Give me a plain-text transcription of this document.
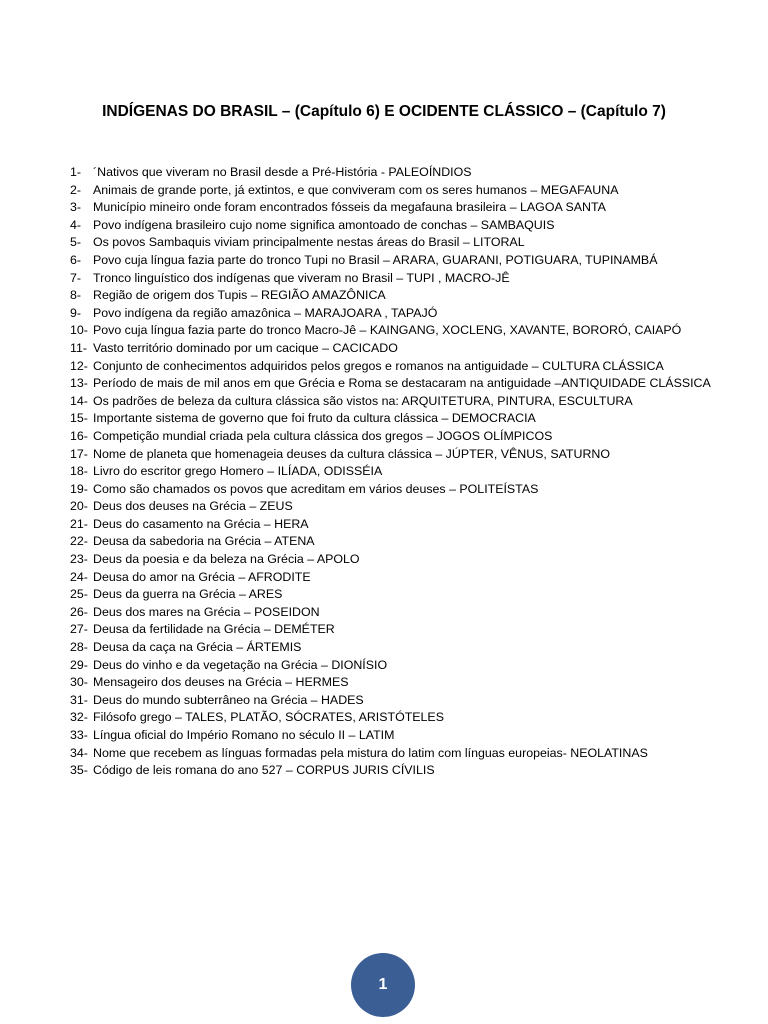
INDÍGENAS DO BRASIL – (Capítulo 6) E OCIDENTE CLÁSSICO – (Capítulo 7)
1- ´Nativos que viveram no Brasil desde a Pré-História - PALEOÍNDIOS
2- Animais de grande porte, já extintos, e que conviveram com os seres humanos – MEGAFAUNA
3- Município mineiro onde foram encontrados fósseis da megafauna brasileira – LAGOA SANTA
4- Povo indígena brasileiro cujo nome significa amontoado de conchas – SAMBAQUIS
5- Os povos Sambaquis viviam principalmente nestas áreas do Brasil – LITORAL
6- Povo cuja língua fazia parte do tronco Tupi no Brasil – ARARA, GUARANI, POTIGUARA, TUPINAMBÁ
7- Tronco linguístico dos indígenas que viveram no Brasil – TUPI , MACRO-JÊ
8- Região de origem dos Tupis – REGIÃO AMAZÔNICA
9- Povo indígena da região amazônica – MARAJOARA , TAPAJÓ
10- Povo cuja língua fazia parte do tronco Macro-Jê – KAINGANG, XOCLENG, XAVANTE, BORORÓ, CAIAPÓ
11- Vasto território dominado por um cacique – CACICADO
12- Conjunto de conhecimentos adquiridos pelos gregos e romanos na antiguidade – CULTURA CLÁSSICA
13- Período de mais de mil anos em que Grécia e Roma se destacaram na antiguidade –ANTIQUIDADE CLÁSSICA
14- Os padrões de beleza da cultura clássica são vistos na: ARQUITETURA, PINTURA, ESCULTURA
15- Importante sistema de governo que foi fruto da cultura clássica – DEMOCRACIA
16- Competição mundial criada pela cultura clássica dos gregos – JOGOS OLÍMPICOS
17- Nome de planeta que homenageia deuses da cultura clássica – JÚPTER, VÊNUS, SATURNO
18- Livro do escritor grego Homero – ILÍADA, ODISSÉIA
19- Como são chamados os povos que acreditam em vários deuses – POLITEÍSTAS
20- Deus dos deuses na Grécia – ZEUS
21- Deus do casamento na Grécia – HERA
22- Deusa da sabedoria na Grécia – ATENA
23- Deus da poesia e da beleza na Grécia – APOLO
24- Deusa do amor na Grécia – AFRODITE
25- Deus da guerra na Grécia – ARES
26- Deus dos mares na Grécia – POSEIDON
27- Deusa da fertilidade na Grécia – DEMÉTER
28- Deusa da caça na Grécia – ÁRTEMIS
29- Deus do vinho e da vegetação na Grécia – DIONÍSIO
30- Mensageiro dos deuses na Grécia – HERMES
31- Deus do mundo subterrâneo na Grécia – HADES
32- Filósofo grego – TALES, PLATÃO, SÓCRATES, ARISTÓTELES
33- Língua oficial do Império Romano no século II – LATIM
34- Nome que recebem as línguas formadas pela mistura do latim com línguas europeias- NEOLATINAS
35- Código de leis romana do ano 527 – CORPUS JURIS CÍVILIS
1
